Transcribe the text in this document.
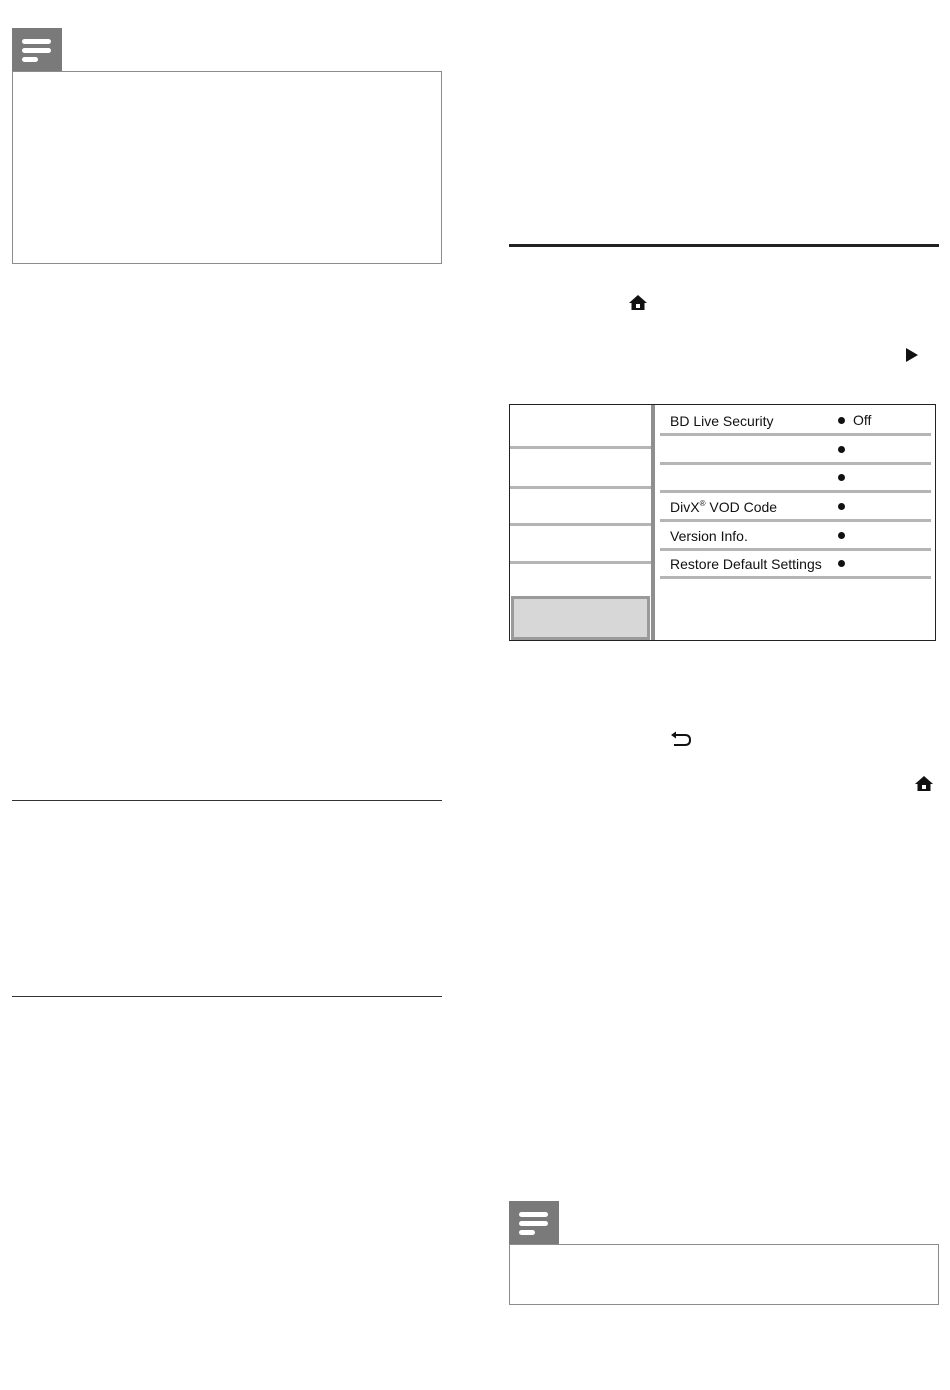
BD Live Security	Off
DivX® VOD Code
Version Info.
Restore Default Settings
